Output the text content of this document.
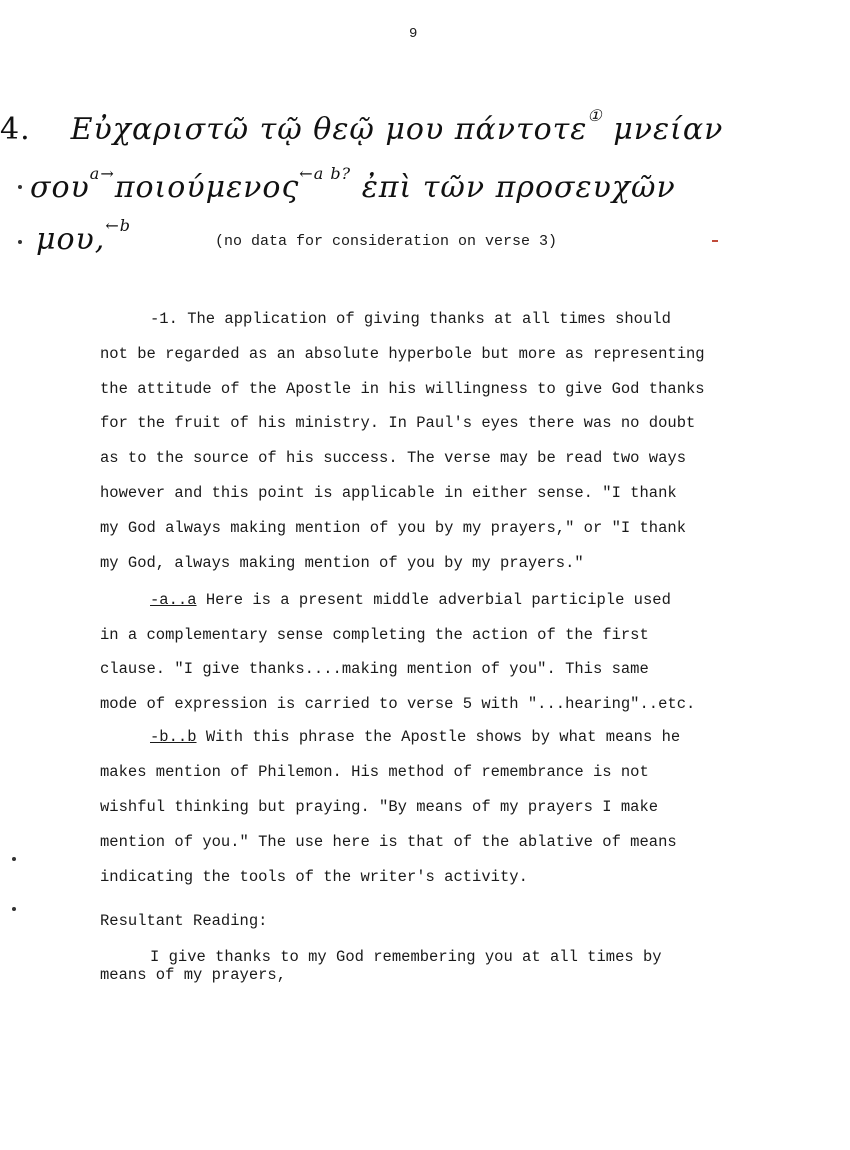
9
4. Εὐχαριστῶ τῷ θεῷ μου πάντοτε① μνείαν
σου$^{a\to}$ποιούμενος$^{\leftarrow a b?}$ ἐπὶ τῶν προσευχῶν
μου,$^{\leftarrow b}$
(no data for consideration on verse 3)
-1. The application of giving thanks at all times should
not be regarded as an absolute hyperbole but more as representing
the attitude of the Apostle in his willingness to give God thanks
for the fruit of his ministry. In Paul's eyes there was no doubt
as to the source of his success. The verse may be read two ways
however and this point is applicable in either sense. "I thank
my God always making mention of you by my prayers," or "I thank
my God, always making mention of you by my prayers."
-a..a Here is a present middle adverbial participle used
in a complementary sense completing the action of the first
clause. "I give thanks....making mention of you". This same
mode of expression is carried to verse 5 with "...hearing"..etc.
-b..b With this phrase the Apostle shows by what means he
makes mention of Philemon. His method of remembrance is not
wishful thinking but praying. "By means of my prayers I make
mention of you." The use here is that of the ablative of means
indicating the tools of the writer's activity.
Resultant Reading:
I give thanks to my God remembering you at all times by
means of my prayers,
